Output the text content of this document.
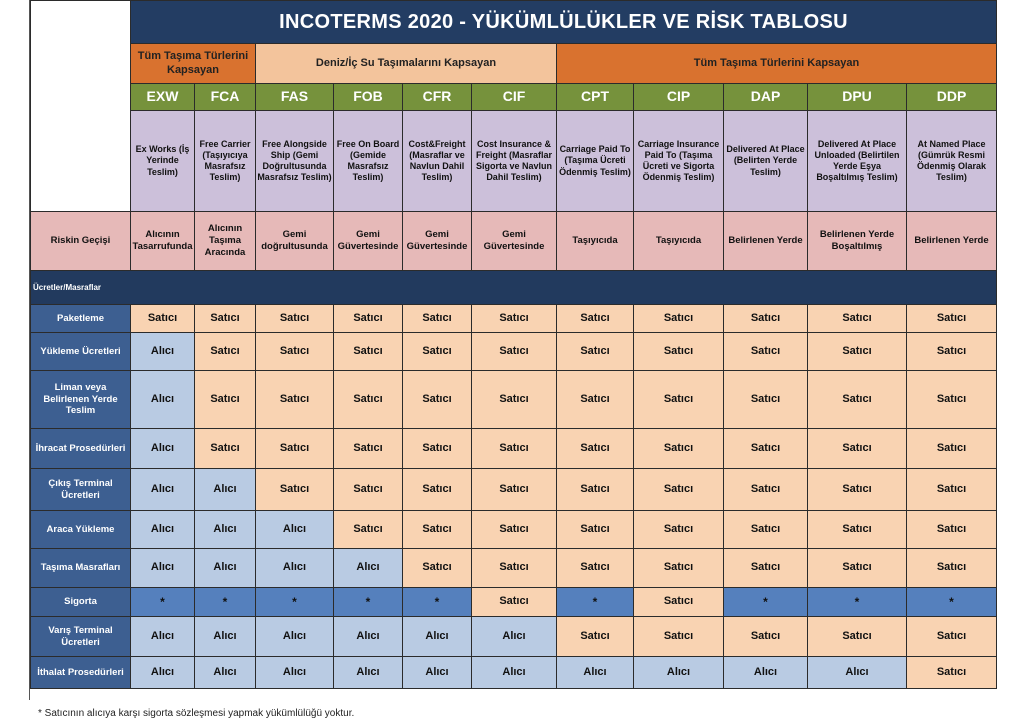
	INCOTERMS 2020 - YÜKÜMLÜLÜKLER VE RİSK TABLOSU										
	Tüm Taşıma Türlerini Kapsayan		Deniz/İç Su Taşımalarını Kapsayan				Tüm Taşıma Türlerini Kapsayan				
	EXW	FCA	FAS	FOB	CFR	CIF	CPT	CIP	DAP	DPU	DDP
	Ex Works (İş Yerinde Teslim)	Free Carrier (Taşıyıcıya Masrafsız Teslim)	Free Alongside Ship (Gemi Doğrultusunda Masrafsız Teslim)	Free On Board (Gemide Masrafsız Teslim)	Cost&Freight (Masraflar ve Navlun Dahil Teslim)	Cost Insurance & Freight (Masraflar Sigorta ve Navlun Dahil Teslim)	Carriage Paid To (Taşıma Ücreti Ödenmiş Teslim)	Carriage Insurance Paid To (Taşıma Ücreti ve Sigorta Ödenmiş Teslim)	Delivered At Place (Belirten Yerde Teslim)	Delivered At Place Unloaded (Belirtilen Yerde Eşya Boşaltılmış Teslim)	At Named Place (Gümrük Resmi Ödenmiş Olarak Teslim)
Riskin Geçişi	Alıcının Tasarrufunda	Alıcının Taşıma Aracında	Gemi doğrultusunda	Gemi Güvertesinde	Gemi Güvertesinde	Gemi Güvertesinde	Taşıyıcıda	Taşıyıcıda	Belirlenen Yerde	Belirlenen Yerde Boşaltılmış	Belirlenen Yerde
Ücretler/Masraflar											
Paketleme	Satıcı	Satıcı	Satıcı	Satıcı	Satıcı	Satıcı	Satıcı	Satıcı	Satıcı	Satıcı	Satıcı
Yükleme Ücretleri	Alıcı	Satıcı	Satıcı	Satıcı	Satıcı	Satıcı	Satıcı	Satıcı	Satıcı	Satıcı	Satıcı
Liman veya Belirlenen Yerde Teslim	Alıcı	Satıcı	Satıcı	Satıcı	Satıcı	Satıcı	Satıcı	Satıcı	Satıcı	Satıcı	Satıcı
İhracat Prosedürleri	Alıcı	Satıcı	Satıcı	Satıcı	Satıcı	Satıcı	Satıcı	Satıcı	Satıcı	Satıcı	Satıcı
Çıkış Terminal Ücretleri	Alıcı	Alıcı	Satıcı	Satıcı	Satıcı	Satıcı	Satıcı	Satıcı	Satıcı	Satıcı	Satıcı
Araca Yükleme	Alıcı	Alıcı	Alıcı	Satıcı	Satıcı	Satıcı	Satıcı	Satıcı	Satıcı	Satıcı	Satıcı
Taşıma Masrafları	Alıcı	Alıcı	Alıcı	Alıcı	Satıcı	Satıcı	Satıcı	Satıcı	Satıcı	Satıcı	Satıcı
Sigorta	*	*	*	*	*	Satıcı	*	Satıcı	*	*	*
Varış Terminal Ücretleri	Alıcı	Alıcı	Alıcı	Alıcı	Alıcı	Alıcı	Satıcı	Satıcı	Satıcı	Satıcı	Satıcı
İthalat Prosedürleri	Alıcı	Alıcı	Alıcı	Alıcı	Alıcı	Alıcı	Alıcı	Alıcı	Alıcı	Alıcı	Satıcı
* Satıcının alıcıya karşı sigorta sözleşmesi yapmak yükümlülüğü yoktur.
